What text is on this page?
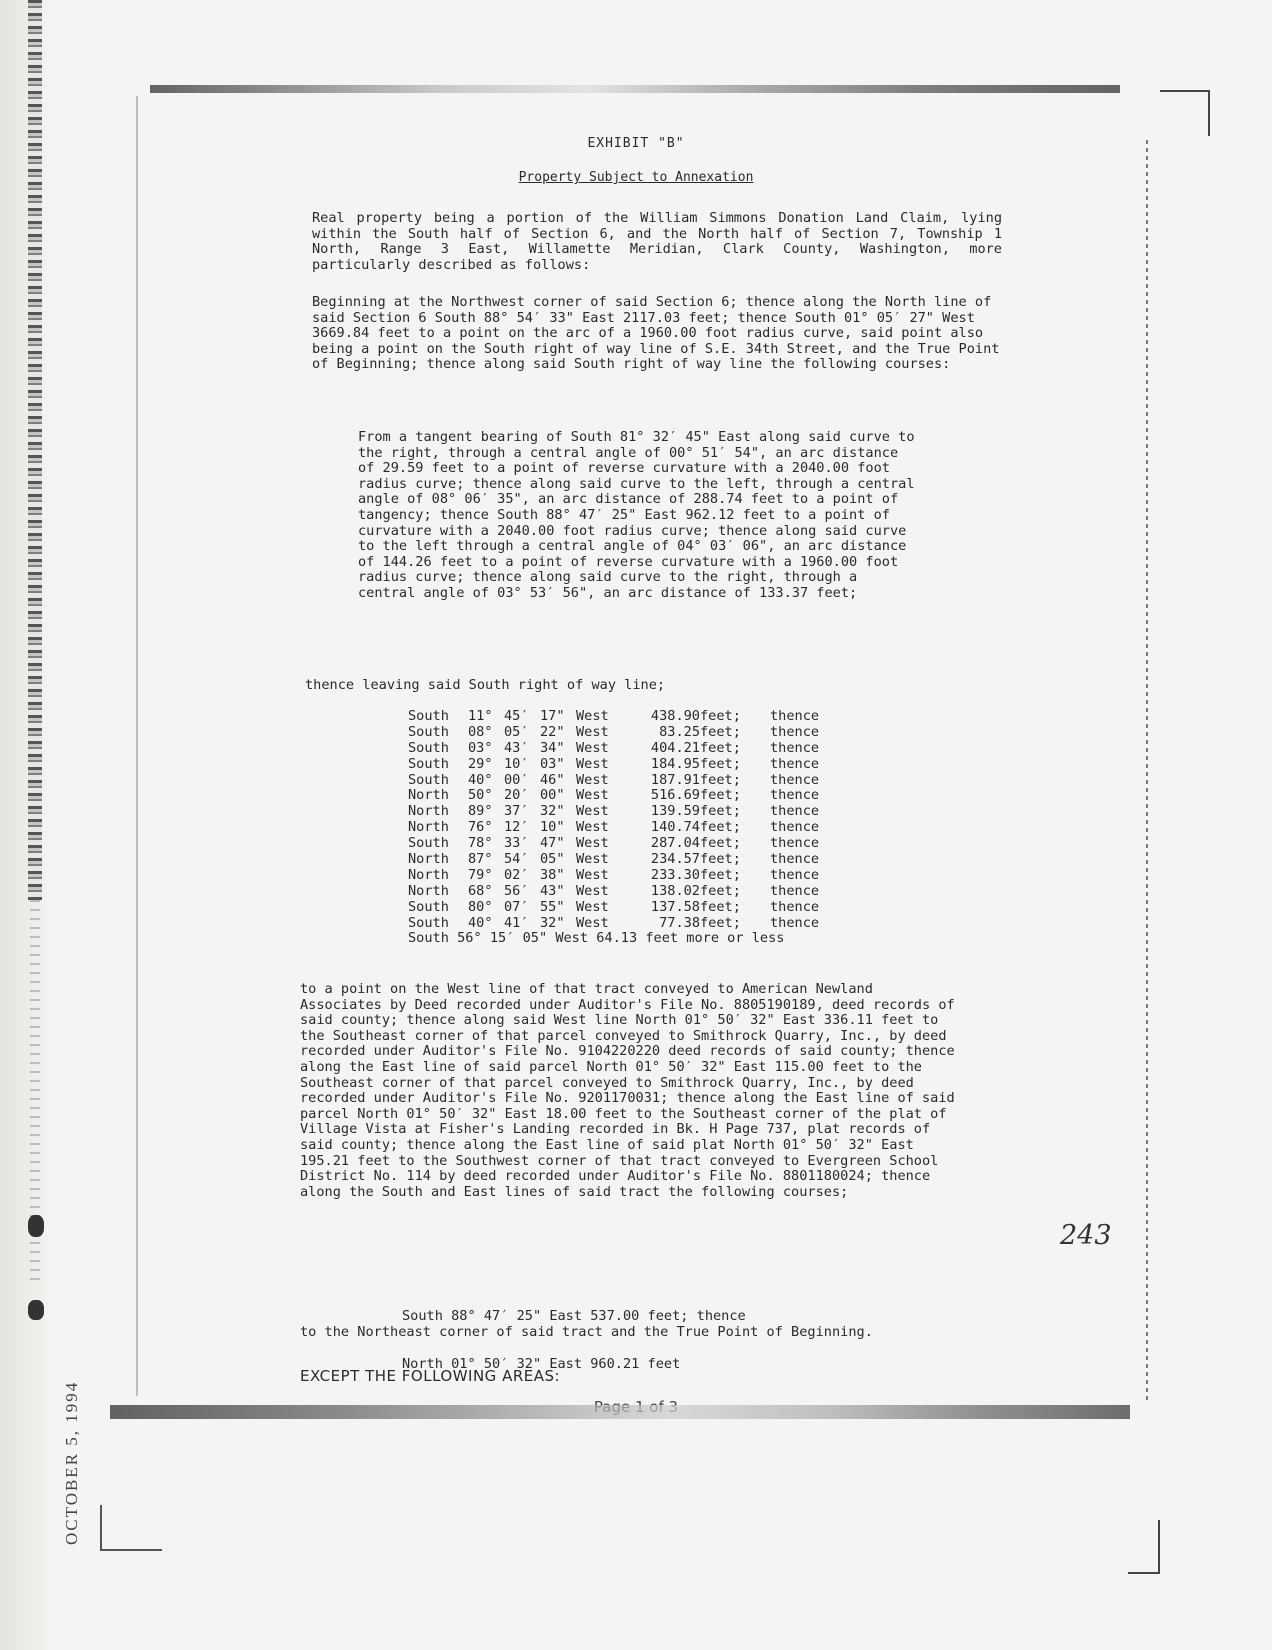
EXHIBIT "B"
Property Subject to Annexation

Real property being a portion of the William Simmons Donation Land Claim, lying within the South half of Section 6, and the North half of Section 7, Township 1 North, Range 3 East, Willamette Meridian, Clark County, Washington, more particularly described as follows:

Beginning at the Northwest corner of said Section 6; thence along the North line of said Section 6 South 88° 54′ 33" East 2117.03 feet; thence South 01° 05′ 27" West 3669.84 feet to a point on the arc of a 1960.00 foot radius curve, said point also being a point on the South right of way line of S.E. 34th Street, and the True Point of Beginning; thence along said South right of way line the following courses:

From a tangent bearing of South 81° 32′ 45" East along said curve to the right, through a central angle of 00° 51′ 54", an arc distance of 29.59 feet to a point of reverse curvature with a 2040.00 foot radius curve; thence along said curve to the left, through a central angle of 08° 06′ 35", an arc distance of 288.74 feet to a point of tangency; thence South 88° 47′ 25" East 962.12 feet to a point of curvature with a 2040.00 foot radius curve; thence along said curve to the left through a central angle of 04° 03′ 06", an arc distance of 144.26 feet to a point of reverse curvature with a 1960.00 foot radius curve; thence along said curve to the right, through a central angle of 03° 53′ 56", an arc distance of 133.37 feet;

thence leaving said South right of way line;

South 11° 45′ 17" West	438.90feet; thence
South 08° 05′ 22" West	83.25feet; thence
South 03° 43′ 34" West	404.21feet; thence
South 29° 10′ 03" West	184.95feet; thence
South 40° 00′ 46" West	187.91feet; thence
North 50° 20′ 00" West	516.69feet; thence
North 89° 37′ 32" West	139.59feet; thence
North 76° 12′ 10" West	140.74feet; thence
South 78° 33′ 47" West	287.04feet; thence
North 87° 54′ 05" West	234.57feet; thence
North 79° 02′ 38" West	233.30feet; thence
North 68° 56′ 43" West	138.02feet; thence
South 80° 07′ 55" West	137.58feet; thence
South 40° 41′ 32" West	77.38feet; thence
South 56° 15′ 05" West 64.13 feet more or less

to a point on the West line of that tract conveyed to American Newland Associates by Deed recorded under Auditor's File No. 8805190189, deed records of said county; thence along said West line North 01° 50′ 32" East 336.11 feet to the Southeast corner of that parcel conveyed to Smithrock Quarry, Inc., by deed recorded under Auditor's File No. 9104220220 deed records of said county; thence along the East line of said parcel North 01° 50′ 32" East 115.00 feet to the Southeast corner of that parcel conveyed to Smithrock Quarry, Inc., by deed recorded under Auditor's File No. 9201170031; thence along the East line of said parcel North 01° 50′ 32" East 18.00 feet to the Southeast corner of the plat of Village Vista at Fisher's Landing recorded in Bk. H Page 737, plat records of said county; thence along the East line of said plat North 01° 50′ 32" East 195.21 feet to the Southwest corner of that tract conveyed to Evergreen School District No. 114 by deed recorded under Auditor's File No. 8801180024; thence along the South and East lines of said tract the following courses;

South 88° 47′ 25" East 537.00 feet; thence

North 01° 50′ 32" East 960.21 feet

to the Northeast corner of said tract and the True Point of Beginning.

EXCEPT THE FOLLOWING AREAS:
243
OCTOBER 5, 1994
